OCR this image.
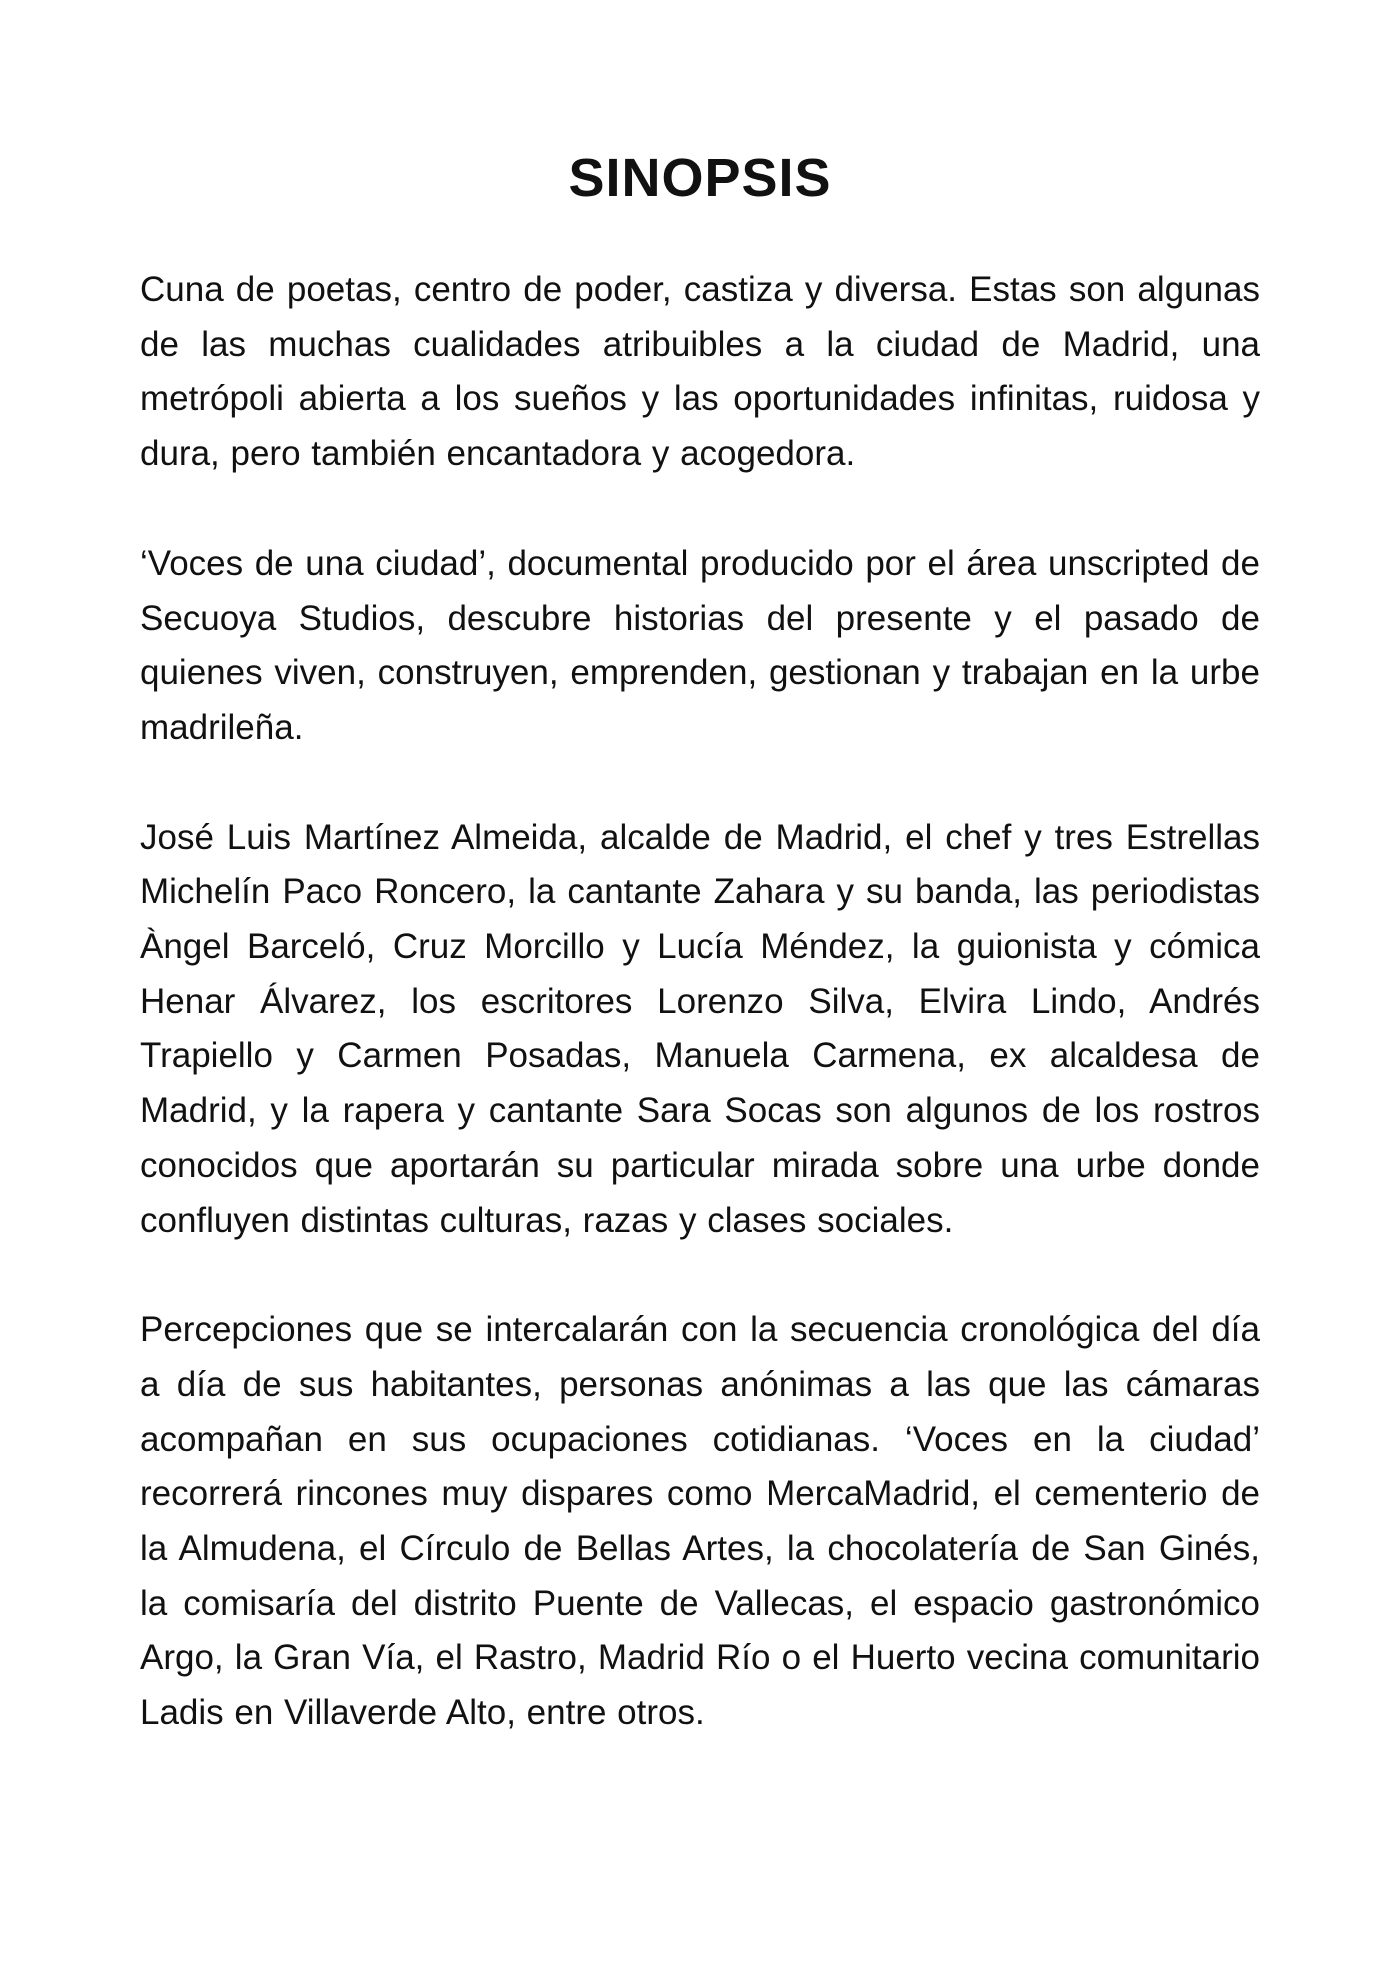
SINOPSIS

Cuna de poetas, centro de poder, castiza y diversa. Estas son algunas de las muchas cualidades atribuibles a la ciudad de Madrid, una metrópoli abierta a los sueños y las oportunidades infinitas, ruidosa y dura, pero también encantadora y acogedora.

‘Voces de una ciudad’, documental producido por el área unscripted de Secuoya Studios, descubre historias del presente y el pasado de quienes viven, construyen, emprenden, gestionan y trabajan en la urbe madrileña.

José Luis Martínez Almeida, alcalde de Madrid, el chef y tres Estrellas Michelín Paco Roncero, la cantante Zahara y su banda, las periodistas Àngel Barceló, Cruz Morcillo y Lucía Méndez, la guionista y cómica Henar Álvarez, los escritores Lorenzo Silva, Elvira Lindo, Andrés Trapiello y Carmen Posadas, Manuela Carmena, ex alcaldesa de Madrid, y la rapera y cantante Sara Socas son algunos de los rostros conocidos que aportarán su particular mirada sobre una urbe donde confluyen distintas culturas, razas y clases sociales.

Percepciones que se intercalarán con la secuencia cronológica del día a día de sus habitantes, personas anónimas a las que las cámaras acompañan en sus ocupaciones cotidianas. ‘Voces en la ciudad’ recorrerá rincones muy dispares como MercaMadrid, el cementerio de la Almudena, el Círculo de Bellas Artes, la chocolatería de San Ginés, la comisaría del distrito Puente de Vallecas, el espacio gastronómico Argo, la Gran Vía, el Rastro, Madrid Río o el Huerto vecina comunitario Ladis en Villaverde Alto, entre otros.
